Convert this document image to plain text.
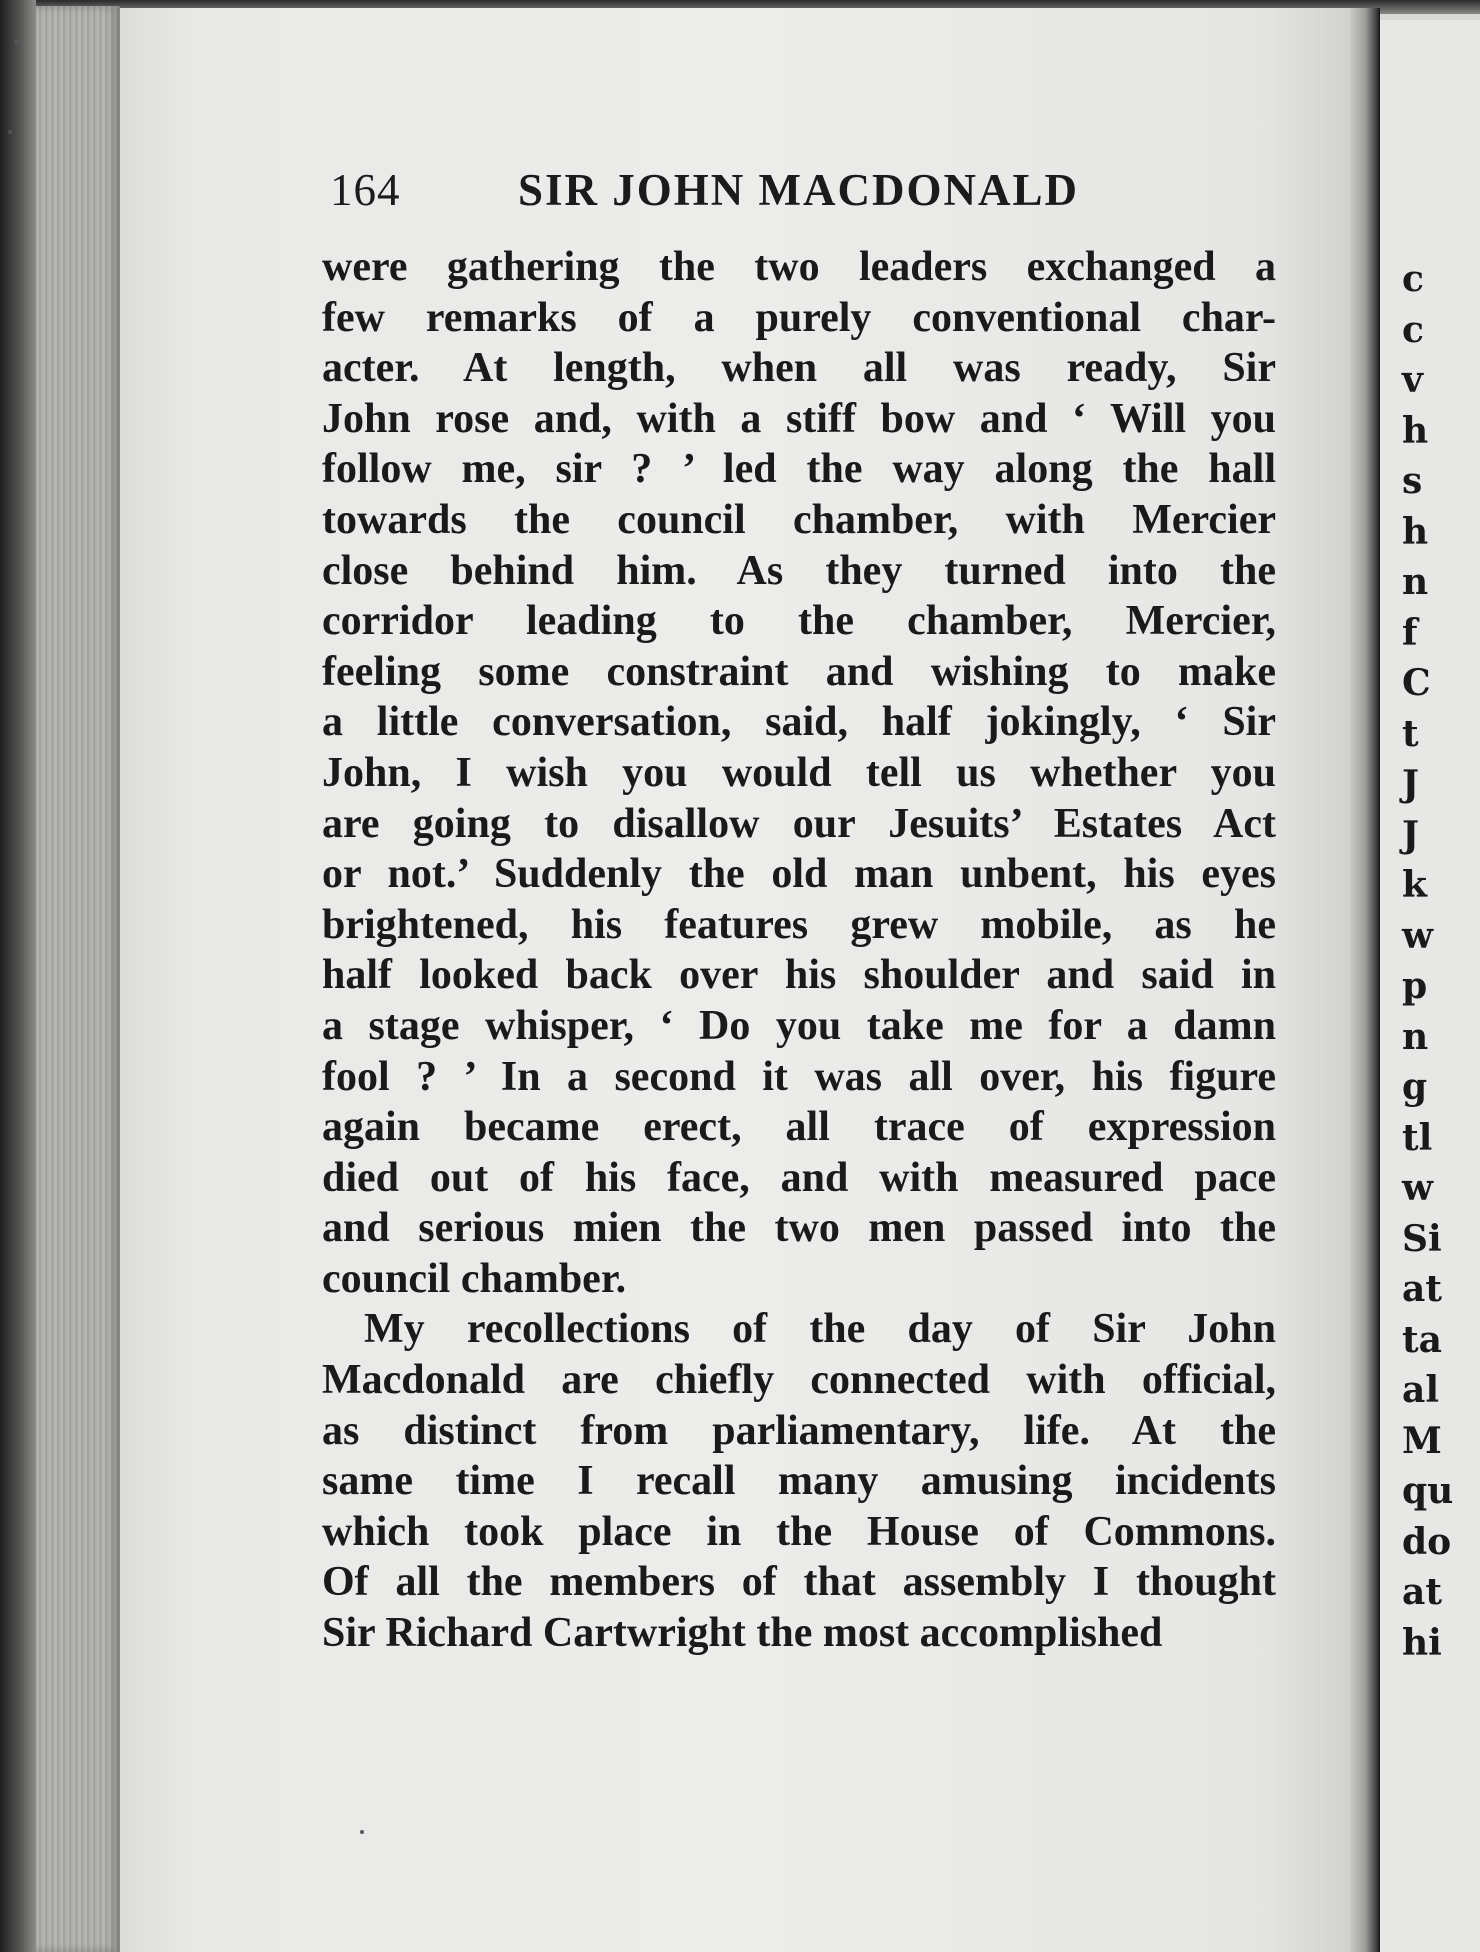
164	SIR JOHN MACDONALD
were gathering the two leaders exchanged a
few remarks of a purely conventional char-
acter. At length, when all was ready, Sir
John rose and, with a stiff bow and ‘ Will you
follow me, sir ? ’ led the way along the hall
towards the council chamber, with Mercier
close behind him. As they turned into the
corridor leading to the chamber, Mercier,
feeling some constraint and wishing to make
a little conversation, said, half jokingly, ‘ Sir
John, I wish you would tell us whether you
are going to disallow our Jesuits’ Estates Act
or not.’ Suddenly the old man unbent, his eyes
brightened, his features grew mobile, as he
half looked back over his shoulder and said in
a stage whisper, ‘ Do you take me for a damn
fool ? ’ In a second it was all over, his figure
again became erect, all trace of expression
died out of his face, and with measured pace
and serious mien the two men passed into the
council chamber.
My recollections of the day of Sir John
Macdonald are chiefly connected with official,
as distinct from parliamentary, life. At the
same time I recall many amusing incidents
which took place in the House of Commons.
Of all the members of that assembly I thought
Sir Richard Cartwright the most accomplished
c
c
v
h
s
h
n
f
C
t
J
J
k
w
p
n
g
tl
w
Si
at
ta
al
M
qu
do
at
hi
